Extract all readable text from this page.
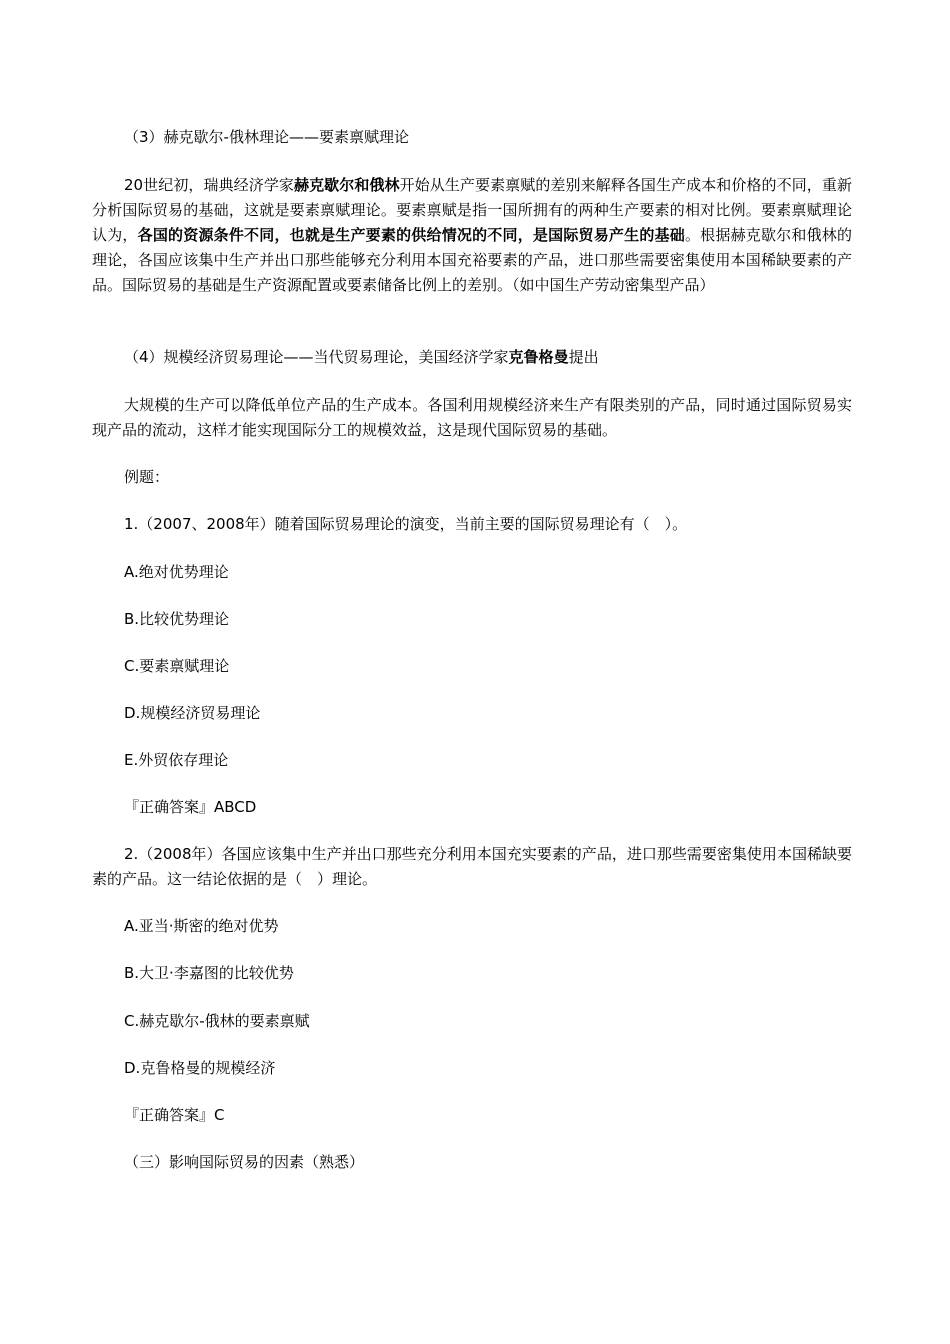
（3）赫克歇尔-俄林理论——要素禀赋理论

20世纪初，瑞典经济学家赫克歇尔和俄林开始从生产要素禀赋的差别来解释各国生产成本和价格的不同，重新分析国际贸易的基础，这就是要素禀赋理论。要素禀赋是指一国所拥有的两种生产要素的相对比例。要素禀赋理论认为，各国的资源条件不同，也就是生产要素的供给情况的不同，是国际贸易产生的基础。根据赫克歇尔和俄林的理论，各国应该集中生产并出口那些能够充分利用本国充裕要素的产品，进口那些需要密集使用本国稀缺要素的产品。国际贸易的基础是生产资源配置或要素储备比例上的差别。（如中国生产劳动密集型产品）

（4）规模经济贸易理论——当代贸易理论，美国经济学家克鲁格曼提出

大规模的生产可以降低单位产品的生产成本。各国利用规模经济来生产有限类别的产品，同时通过国际贸易实现产品的流动，这样才能实现国际分工的规模效益，这是现代国际贸易的基础。

例题：

1.（2007、2008年）随着国际贸易理论的演变，当前主要的国际贸易理论有（　）。

A.绝对优势理论

B.比较优势理论

C.要素禀赋理论

D.规模经济贸易理论

E.外贸依存理论

『正确答案』ABCD

2.（2008年）各国应该集中生产并出口那些充分利用本国充实要素的产品，进口那些需要密集使用本国稀缺要素的产品。这一结论依据的是（　）理论。

A.亚当·斯密的绝对优势

B.大卫·李嘉图的比较优势

C.赫克歇尔-俄林的要素禀赋

D.克鲁格曼的规模经济

『正确答案』C

（三）影响国际贸易的因素（熟悉）
